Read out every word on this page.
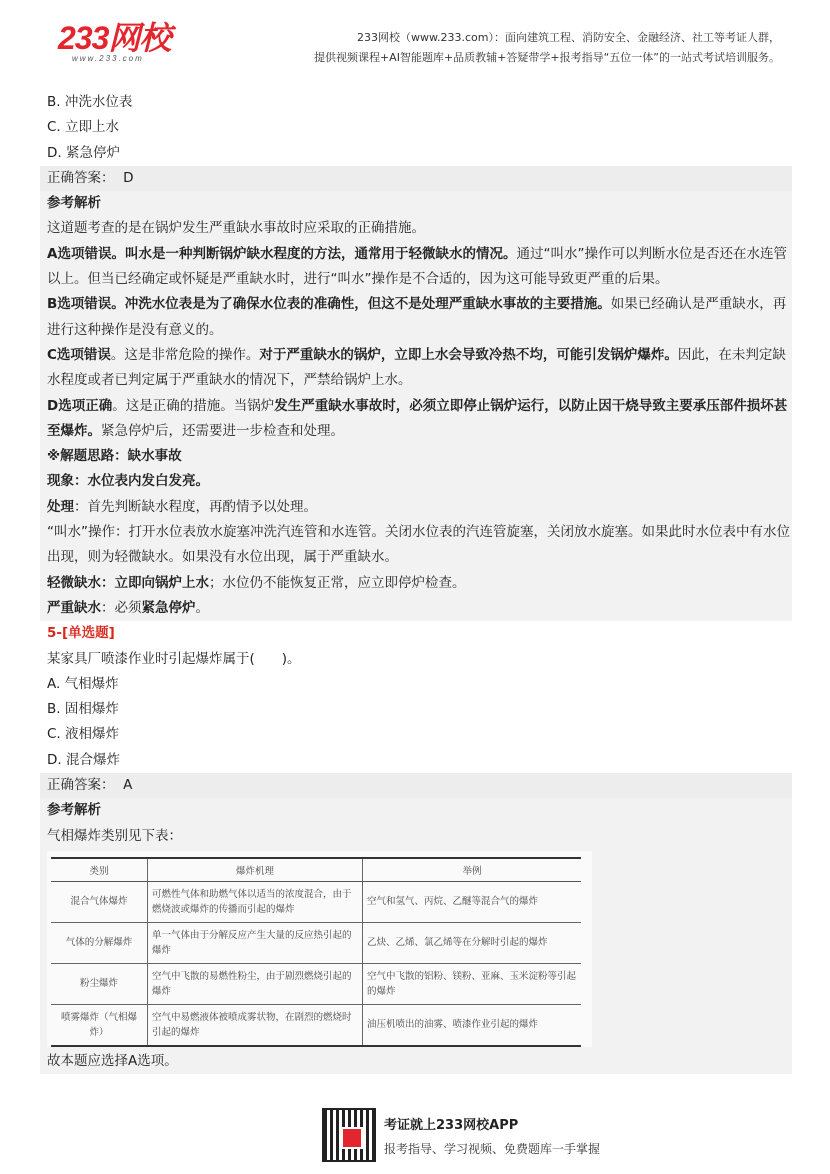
233网校
www.233.com
233网校（www.233.com）：面向建筑工程、消防安全、金融经济、社工等考证人群，
提供视频课程+AI智能题库+品质教辅+答疑带学+报考指导“五位一体”的一站式考试培训服务。
B. 冲洗水位表
C. 立即上水
D. 紧急停炉
正确答案： D
参考解析
这道题考查的是在锅炉发生严重缺水事故时应采取的正确措施。
A选项错误。叫水是一种判断锅炉缺水程度的方法，通常用于轻微缺水的情况。通过“叫水”操作可以判断水位是否还在水连管以上。但当已经确定或怀疑是严重缺水时，进行“叫水”操作是不合适的，因为这可能导致更严重的后果。
B选项错误。冲洗水位表是为了确保水位表的准确性，但这不是处理严重缺水事故的主要措施。如果已经确认是严重缺水，再进行这种操作是没有意义的。
C选项错误。这是非常危险的操作。对于严重缺水的锅炉，立即上水会导致冷热不均，可能引发锅炉爆炸。因此，在未判定缺水程度或者已判定属于严重缺水的情况下，严禁给锅炉上水。
D选项正确。这是正确的措施。当锅炉发生严重缺水事故时，必须立即停止锅炉运行，以防止因干烧导致主要承压部件损坏甚至爆炸。紧急停炉后，还需要进一步检查和处理。
※解题思路：缺水事故
现象：水位表内发白发亮。
处理：首先判断缺水程度，再酌情予以处理。
“叫水”操作：打开水位表放水旋塞冲洗汽连管和水连管。关闭水位表的汽连管旋塞，关闭放水旋塞。如果此时水位表中有水位出现，则为轻微缺水。如果没有水位出现，属于严重缺水。
轻微缺水：立即向锅炉上水；水位仍不能恢复正常，应立即停炉检查。
严重缺水：必须紧急停炉。
5-[单选题]
某家具厂喷漆作业时引起爆炸属于(　　)。
A. 气相爆炸
B. 固相爆炸
C. 液相爆炸
D. 混合爆炸
正确答案： A
参考解析
气相爆炸类别见下表：
类别	爆炸机理	举例
混合气体爆炸	可燃性气体和助燃气体以适当的浓度混合，由于燃烧波或爆炸的传播而引起的爆炸	空气和氢气、丙烷、乙醚等混合气的爆炸
气体的分解爆炸	单一气体由于分解反应产生大量的反应热引起的爆炸	乙炔、乙烯、氯乙烯等在分解时引起的爆炸
粉尘爆炸	空气中飞散的易燃性粉尘，由于剧烈燃烧引起的爆炸	空气中飞散的铝粉、镁粉、亚麻、玉米淀粉等引起的爆炸
喷雾爆炸（气相爆炸）	空气中易燃液体被喷成雾状物，在剧烈的燃烧时引起的爆炸	油压机喷出的油雾、喷漆作业引起的爆炸
故本题应选择A选项。
考证就上233网校APP
报考指导、学习视频、免费题库一手掌握
